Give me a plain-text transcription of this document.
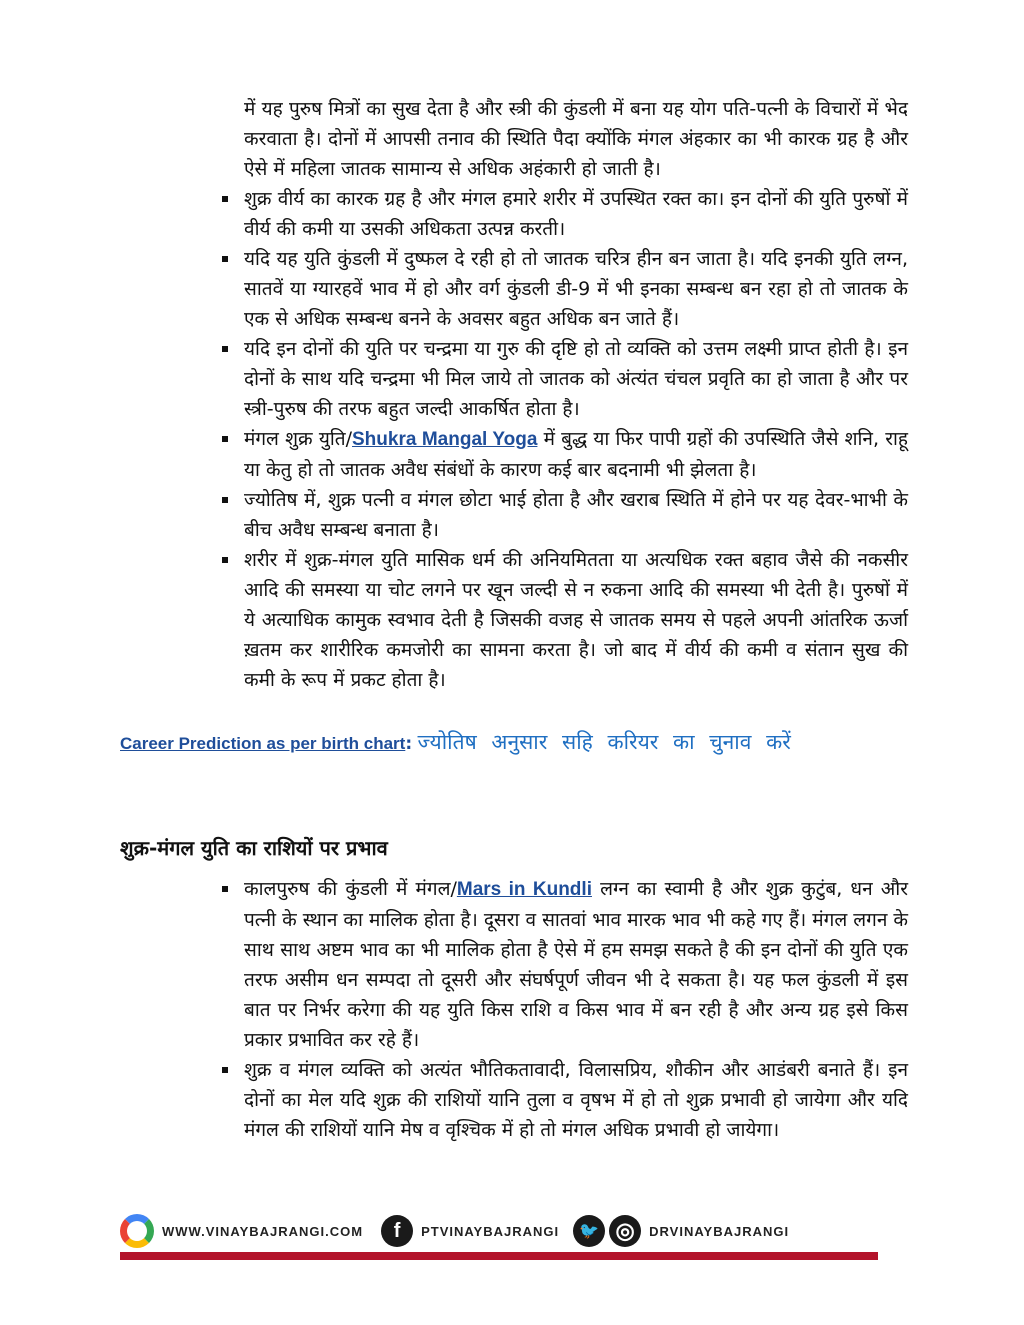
में यह पुरुष मित्रों का सुख देता है और स्त्री की कुंडली में बना यह योग पति-पत्नी के विचारों में भेद करवाता है। दोनों में आपसी तनाव की स्थिति पैदा क्योंकि मंगल अंहकार का भी कारक ग्रह है और ऐसे में महिला जातक सामान्य से अधिक अहंकारी हो जाती है।
शुक्र वीर्य का कारक ग्रह है और मंगल हमारे शरीर में उपस्थित रक्त का। इन दोनों की युति पुरुषों में वीर्य की कमी या उसकी अधिकता उत्पन्न करती।
यदि यह युति कुंडली में दुष्फल दे रही हो तो जातक चरित्र हीन बन जाता है। यदि इनकी युति लग्न, सातवें या ग्यारहवें भाव में हो और वर्ग कुंडली डी-9 में भी इनका सम्बन्ध बन रहा हो तो जातक के एक से अधिक सम्बन्ध बनने के अवसर बहुत अधिक बन जाते हैं।
यदि इन दोनों की युति पर चन्द्रमा या गुरु की दृष्टि हो तो व्यक्ति को उत्तम लक्ष्मी प्राप्त होती है। इन दोनों के साथ यदि चन्द्रमा भी मिल जाये तो जातक को अंत्यंत चंचल प्रवृति का हो जाता है और पर स्त्री-पुरुष की तरफ बहुत जल्दी आकर्षित होता है।
मंगल शुक्र युति/Shukra Mangal Yoga में बुद्ध या फिर पापी ग्रहों की उपस्थिति जैसे शनि, राहू या केतु हो तो जातक अवैध संबंधों के कारण कई बार बदनामी भी झेलता है।
ज्योतिष में, शुक्र पत्नी व मंगल छोटा भाई होता है और खराब स्थिति में होने पर यह देवर-भाभी के बीच अवैध सम्बन्ध बनाता है।
शरीर में शुक्र-मंगल युति मासिक धर्म की अनियमितता या अत्यधिक रक्त बहाव जैसे की नकसीर आदि की समस्या या चोट लगने पर खून जल्दी से न रुकना आदि की समस्या भी देती है। पुरुषों में ये अत्याधिक कामुक स्वभाव देती है जिसकी वजह से जातक समय से पहले अपनी आंतरिक ऊर्जा ख़तम कर शारीरिक कमजोरी का सामना करता है। जो बाद में वीर्य की कमी व संतान सुख की कमी के रूप में प्रकट होता है।
Career Prediction as per birth chart: ज्योतिष अनुसार सहि करियर का चुनाव करें
शुक्र-मंगल युति का राशियों पर प्रभाव
कालपुरुष की कुंडली में मंगल/Mars in Kundli लग्न का स्वामी है और शुक्र कुटुंब, धन और पत्नी के स्थान का मालिक होता है। दूसरा व सातवां भाव मारक भाव भी कहे गए हैं। मंगल लगन के साथ साथ अष्टम भाव का भी मालिक होता है ऐसे में हम समझ सकते है की इन दोनों की युति एक तरफ असीम धन सम्पदा तो दूसरी और संघर्षपूर्ण जीवन भी दे सकता है। यह फल कुंडली में इस बात पर निर्भर करेगा की यह युति किस राशि व किस भाव में बन रही है और अन्य ग्रह इसे किस प्रकार प्रभावित कर रहे हैं।
शुक्र व मंगल व्यक्ति को अत्यंत भौतिकतावादी, विलासप्रिय, शौकीन और आडंबरी बनाते हैं। इन दोनों का मेल यदि शुक्र की राशियों यानि तुला व वृषभ में हो तो शुक्र प्रभावी हो जायेगा और यदि मंगल की राशियों यानि मेष व वृश्चिक में हो तो मंगल अधिक प्रभावी हो जायेगा।
WWW.VINAYBAJRANGI.COM	f	PTVINAYBAJRANGI	🐦 ◎	DRVINAYBAJRANGI
